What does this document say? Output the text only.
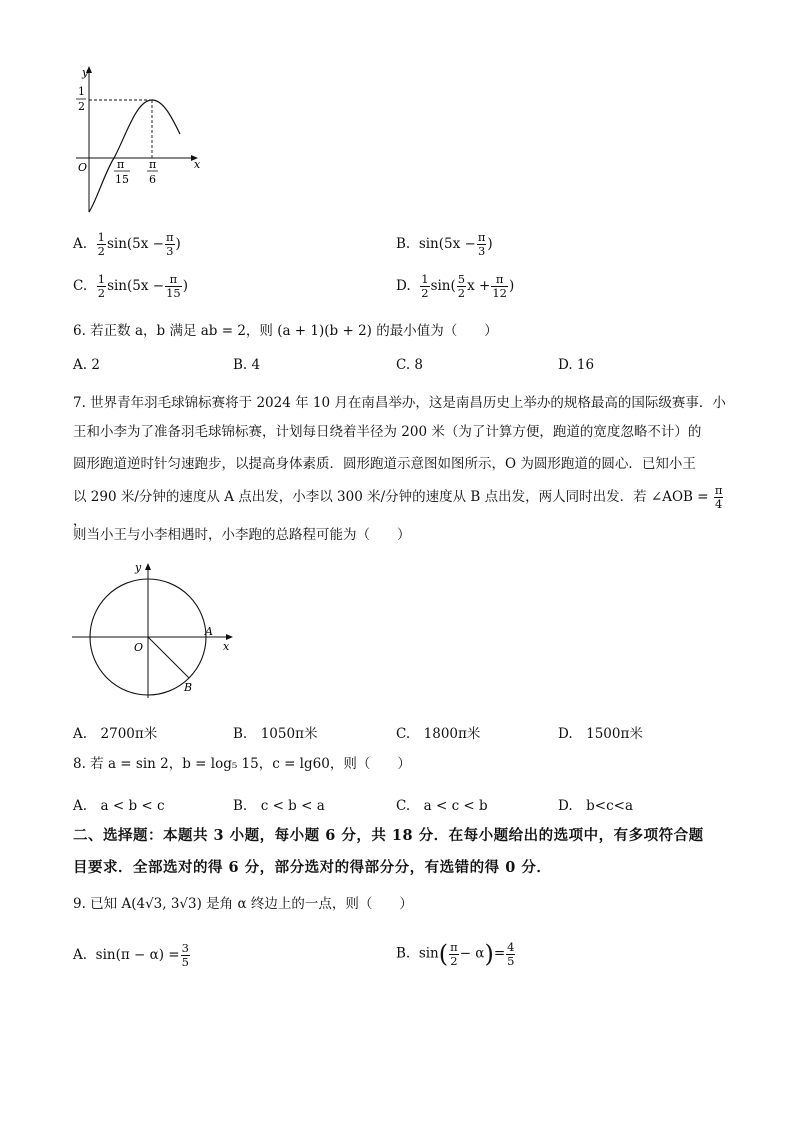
y
x
O
1
2
π
15
π
6
A. $\frac{1}{2} \sin(5x - \frac{\pi}{3}$ )	B. $\sin(5x - \frac{\pi}{3}$ )
C. $\frac{1}{2} \sin(5x - \frac{\pi}{15}$ )	D. $\frac{1}{2} \sin( \frac{5}{2}$ $x + \frac{\pi}{12}$ )
6. 若正数 a，b 满足 ab = 2，则 (a + 1)(b + 2) 的最小值为（　　）
A. 2	B. 4	C. 8	D. 16
7. 世界青年羽毛球锦标赛将于 2024 年 10 月在南昌举办，这是南昌历史上举办的规格最高的国际级赛事．小
王和小李为了准备羽毛球锦标赛，计划每日绕着半径为 200 米（为了计算方便，跑道的宽度忽略不计）的
圆形跑道逆时针匀速跑步，以提高身体素质．圆形跑道示意图如图所示，O 为圆形跑道的圆心．已知小王
以 290 米/分钟的速度从 A 点出发，小李以 300 米/分钟的速度从 B 点出发，两人同时出发．若 ∠AOB = $\frac{\pi}{4}$
，
则当小王与小李相遇时，小李跑的总路程可能为（　　）
y
x
O
A
B
A.　2700π米	B.　1050π米	C.　1800π米	D.　1500π米
8. 若 a = sin 2，b = log₅ 15，c = lg60，则（　　）
A.　a < b < c	B.　c < b < a	C.　a < c < b	D.　b<c<a
二、选择题：本题共 3 小题，每小题 6 分，共 18 分．在每小题给出的选项中，有多项符合题
目要求．全部选对的得 6 分，部分选对的得部分分，有选错的得 0 分．
9. 已知 A(4√3, 3√3) 是角 α 终边上的一点，则（　　）
A. $\sin(\pi - \alpha) = \frac{3}{5}$	B. $\sin( \frac{\pi}{2} - \alpha)= \frac{4}{5}$
